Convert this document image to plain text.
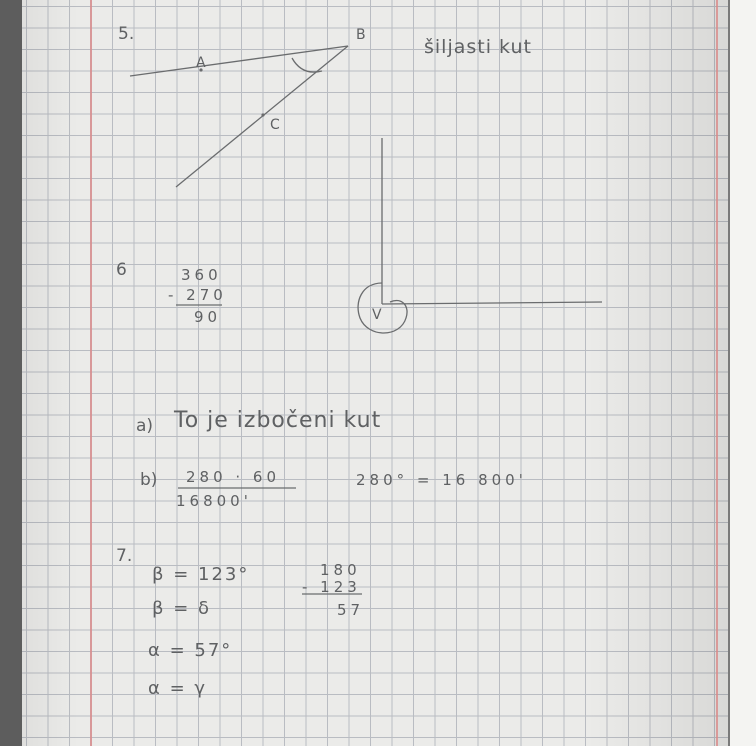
5.
A
B
C
šiljasti kut
6	360
- 270
90	V
a) To je izbočeni kut
b) 280 · 60
16800'
280° = 16 800'
7.
β = 123°
β = δ
α = 57°
α = γ
180
- 123
57
